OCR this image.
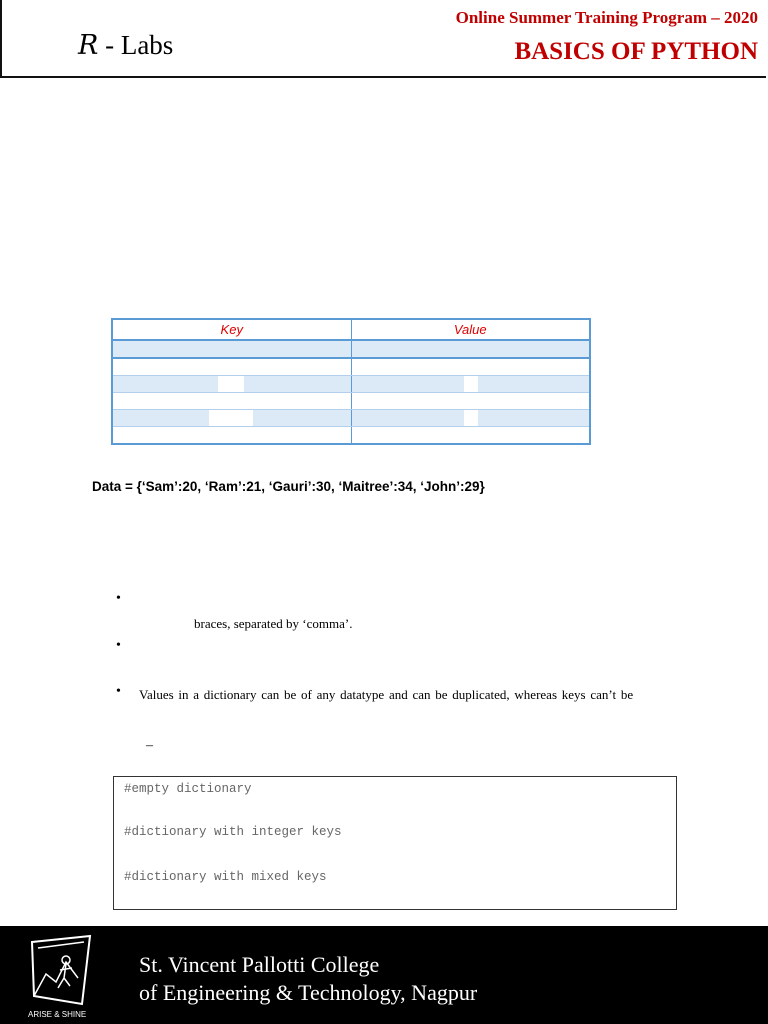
R - Labs
Online Summer Training Program – 2020
BASICS OF PYTHON
Key	Value

Data = {‘Sam’:20, ‘Ram’:21, ‘Gauri’:30, ‘Maitree’:34, ‘John’:29}
•
braces, separated by ‘comma’.
•
• Values in a dictionary can be of any datatype and can be duplicated, whereas keys can’t be
–
#empty dictionary
#dictionary with integer keys
#dictionary with mixed keys
ARISE & SHINE
St. Vincent Pallotti College
of Engineering & Technology, Nagpur
